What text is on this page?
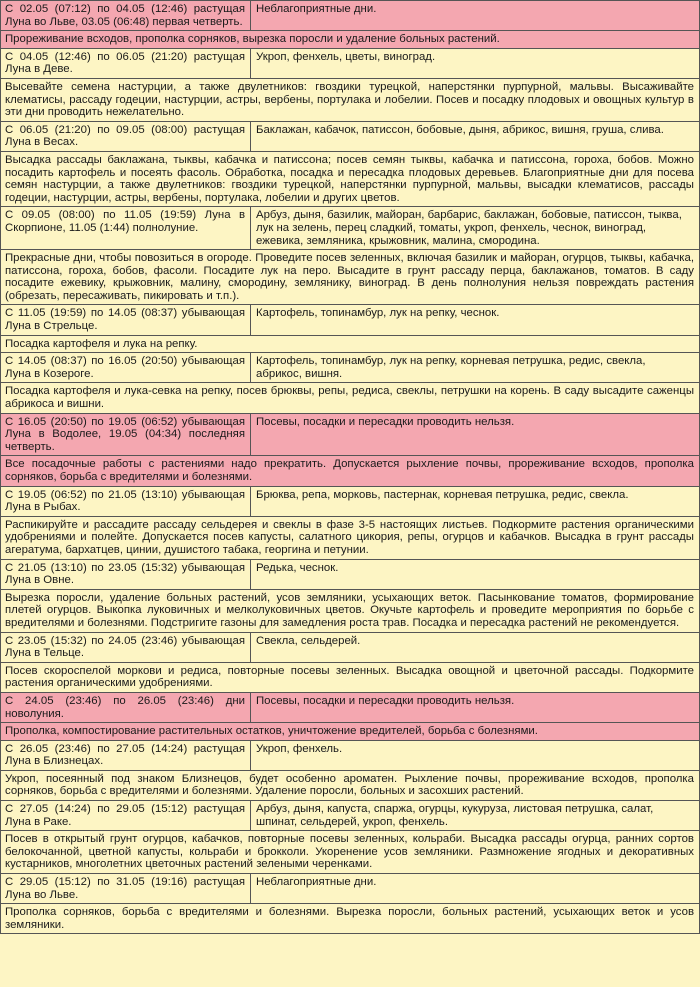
С 02.05 (07:12) по 04.05 (12:46) растущая Луна во Льве, 03.05 (06:48) первая четверть.
Неблагоприятные дни.
Прореживание всходов, прополка сорняков, вырезка поросли и удаление больных растений.
С 04.05 (12:46) по 06.05 (21:20) растущая Луна в Деве.
Укроп, фенхель, цветы, виноград.
Высевайте семена настурции, а также двулетников: гвоздики турецкой, наперстянки пурпурной, мальвы. Высаживайте клематисы, рассаду годеции, настурции, астры, вербены, портулака и лобелии. Посев и посадку плодовых и овощных культур в эти дни проводить нежелательно.
С 06.05 (21:20) по 09.05 (08:00) растущая Луна в Весах.
Баклажан, кабачок, патиссон, бобовые, дыня, абрикос, вишня, груша, слива.
Высадка рассады баклажана, тыквы, кабачка и патиссона; посев семян тыквы, кабачка и патиссона, гороха, бобов. Можно посадить картофель и посеять фасоль. Обработка, посадка и пересадка плодовых деревьев. Благоприятные дни для посева семян настурции, а также двулетников: гвоздики турецкой, наперстянки пурпурной, мальвы, высадки клематисов, рассады годеции, настурции, астры, вербены, портулака, лобелии и других цветов.
С 09.05 (08:00) по 11.05 (19:59) Луна в Скорпионе, 11.05 (1:44) полнолуние.
Арбуз, дыня, базилик, майоран, барбарис, баклажан, бобовые, патиссон, тыква, лук на зелень, перец сладкий, томаты, укроп, фенхель, чеснок, виноград, ежевика, земляника, крыжовник, малина, смородина.
Прекрасные дни, чтобы повозиться в огороде. Проведите посев зеленных, включая базилик и майоран, огурцов, тыквы, кабачка, патиссона, гороха, бобов, фасоли. Посадите лук на перо. Высадите в грунт рассаду перца, баклажанов, томатов. В саду посадите ежевику, крыжовник, малину, смородину, землянику, виноград. В день полнолуния нельзя повреждать растения (обрезать, пересаживать, пикировать и т.п.).
С 11.05 (19:59) по 14.05 (08:37) убывающая Луна в Стрельце.
Картофель, топинамбур, лук на репку, чеснок.
Посадка картофеля и лука на репку.
С 14.05 (08:37) по 16.05 (20:50) убывающая Луна в Козероге.
Картофель, топинамбур, лук на репку, корневая петрушка, редис, свекла, абрикос, вишня.
Посадка картофеля и лука-севка на репку, посев брюквы, репы, редиса, свеклы, петрушки на корень. В саду высадите саженцы абрикоса и вишни.
С 16.05 (20:50) по 19.05 (06:52) убывающая Луна в Водолее, 19.05 (04:34) последняя четверть.
Посевы, посадки и пересадки проводить нельзя.
Все посадочные работы с растениями надо прекратить. Допускается рыхление почвы, прореживание всходов, прополка сорняков, борьба с вредителями и болезнями.
С 19.05 (06:52) по 21.05 (13:10) убывающая Луна в Рыбах.
Брюква, репа, морковь, пастернак, корневая петрушка, редис, свекла.
Распикируйте и рассадите рассаду сельдерея и свеклы в фазе 3-5 настоящих листьев. Подкормите растения органическими удобрениями и полейте. Допускается посев капусты, салатного цикория, репы, огурцов и кабачков. Высадка в грунт рассады агератума, бархатцев, цинии, душистого табака, георгина и петунии.
С 21.05 (13:10) по 23.05 (15:32) убывающая Луна в Овне.
Редька, чеснок.
Вырезка поросли, удаление больных растений, усов земляники, усыхающих веток. Пасынкование томатов, формирование плетей огурцов. Выкопка луковичных и мелколуковичных цветов. Окучьте картофель и проведите мероприятия по борьбе с вредителями и болезнями. Подстригите газоны для замедления роста трав. Посадка и пересадка растений не рекомендуется.
С 23.05 (15:32) по 24.05 (23:46) убывающая Луна в Тельце.
Свекла, сельдерей.
Посев скороспелой моркови и редиса, повторные посевы зеленных. Высадка овощной и цветочной рассады. Подкормите растения органическими удобрениями.
С 24.05 (23:46) по 26.05 (23:46) дни новолуния.
Посевы, посадки и пересадки проводить нельзя.
Прополка, компостирование растительных остатков, уничтожение вредителей, борьба с болезнями.
С 26.05 (23:46) по 27.05 (14:24) растущая Луна в Близнецах.
Укроп, фенхель.
Укроп, посеянный под знаком Близнецов, будет особенно ароматен. Рыхление почвы, прореживание всходов, прополка сорняков, борьба с вредителями и болезнями. Удаление поросли, больных и засохших растений.
С 27.05 (14:24) по 29.05 (15:12) растущая Луна в Раке.
Арбуз, дыня, капуста, спаржа, огурцы, кукуруза, листовая петрушка, салат, шпинат, сельдерей, укроп, фенхель.
Посев в открытый грунт огурцов, кабачков, повторные посевы зеленных, кольраби. Высадка рассады огурца, ранних сортов белокочанной, цветной капусты, кольраби и брокколи. Укоренение усов земляники. Размножение ягодных и декоративных кустарников, многолетних цветочных растений зелеными черенками.
С 29.05 (15:12) по 31.05 (19:16) растущая Луна во Льве.
Неблагоприятные дни.
Прополка сорняков, борьба с вредителями и болезнями. Вырезка поросли, больных растений, усыхающих веток и усов земляники.
